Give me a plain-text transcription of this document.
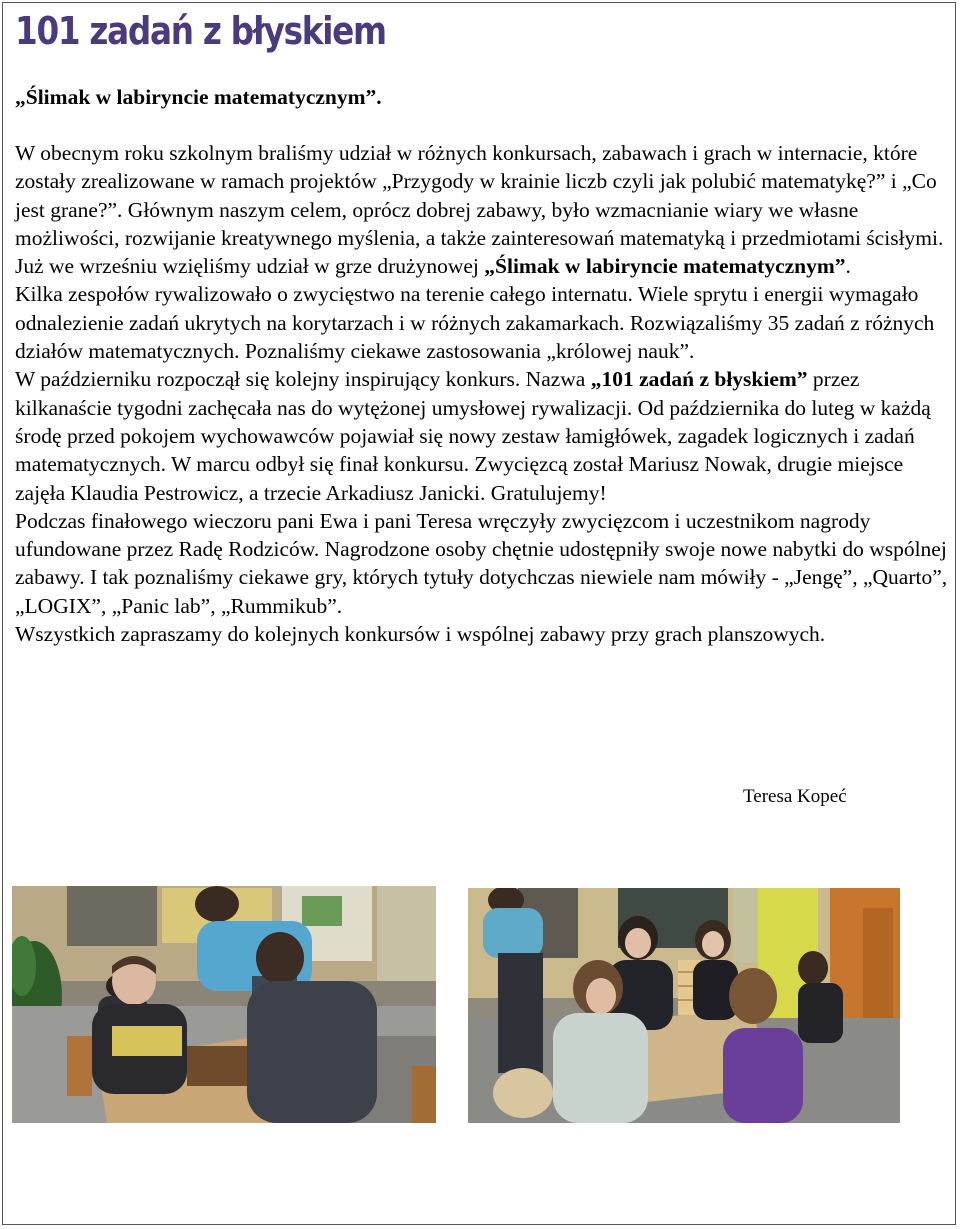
101 zadań z błyskiem
„Ślimak w labiryncie matematycznym”.

W obecnym roku szkolnym braliśmy udział w różnych konkursach, zabawach i grach w internacie, które zostały zrealizowane w ramach projektów „Przygody w krainie liczb czyli jak polubić matematykę?” i „Co jest grane?”. Głównym naszym celem, oprócz dobrej zabawy, było wzmacnianie wiary we własne możliwości, rozwijanie kreatywnego myślenia, a także zainteresowań matematyką i przedmiotami ścisłymi.

Już we wrześniu wzięliśmy udział w grze drużynowej „Ślimak w labiryncie matematycznym”.

Kilka zespołów rywalizowało o zwycięstwo na terenie całego internatu. Wiele sprytu i energii wymagało odnalezienie zadań ukrytych na korytarzach i w różnych zakamarkach. Rozwiązaliśmy 35 zadań z różnych działów matematycznych. Poznaliśmy ciekawe zastosowania „królowej nauk”.

W październiku rozpoczął się kolejny inspirujący konkurs. Nazwa „101 zadań z błyskiem” przez kilkanaście tygodni zachęcała nas do wytężonej umysłowej rywalizacji. Od października do luteg w każdą środę przed pokojem wychowawców pojawiał się nowy zestaw łamigłówek, zagadek logicznych i zadań matematycznych. W marcu odbył się finał konkursu. Zwycięzcą został Mariusz Nowak, drugie miejsce zajęła Klaudia Pestrowicz, a trzecie Arkadiusz Janicki. Gratulujemy!

Podczas finałowego wieczoru pani Ewa i pani Teresa wręczyły zwycięzcom i uczestnikom nagrody ufundowane przez Radę Rodziców. Nagrodzone osoby chętnie udostępniły swoje nowe nabytki do wspólnej zabawy. I tak poznaliśmy ciekawe gry, których tytuły dotychczas niewiele nam mówiły - „Jengę”, „Quarto”, „LOGIX”, „Panic lab”, „Rummikub”.

Wszystkich zapraszamy do kolejnych konkursów i wspólnej zabawy przy grach planszowych.

Teresa Kopeć
